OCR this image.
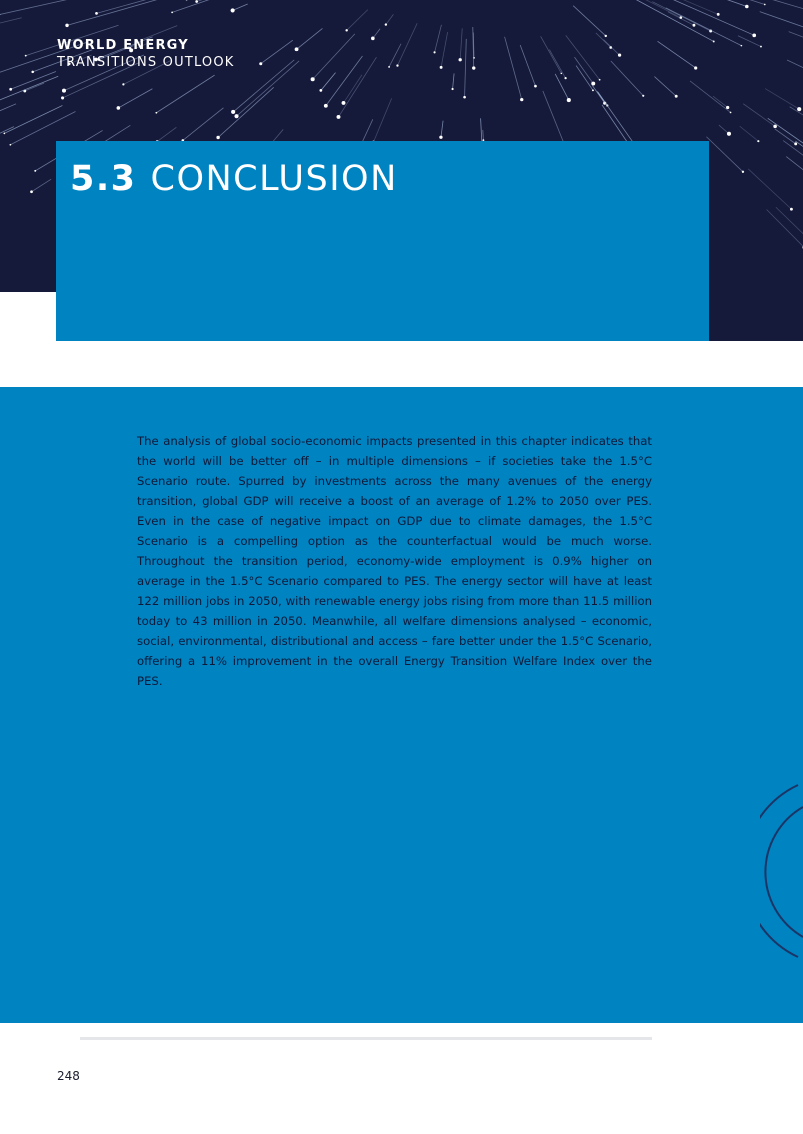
WORLD ENERGY
TRANSITIONS OUTLOOK
5.3 CONCLUSION

The analysis of global socio-economic impacts presented in this chapter indicates that the world will be better off – in multiple dimensions – if societies take the 1.5°C Scenario route. Spurred by investments across the many avenues of the energy transition, global GDP will receive a boost of an average of 1.2% to 2050 over PES. Even in the case of negative impact on GDP due to climate damages, the 1.5°C Scenario is a compelling option as the counterfactual would be much worse. Throughout the transition period, economy-wide employment is 0.9% higher on average in the 1.5°C Scenario compared to PES. The energy sector will have at least 122 million jobs in 2050, with renewable energy jobs rising from more than 11.5 million today to 43 million in 2050. Meanwhile, all welfare dimensions analysed – economic, social, environmental, distributional and access – fare better under the 1.5°C Scenario, offering a 11% improvement in the overall Energy Transition Welfare Index over the PES.

248
